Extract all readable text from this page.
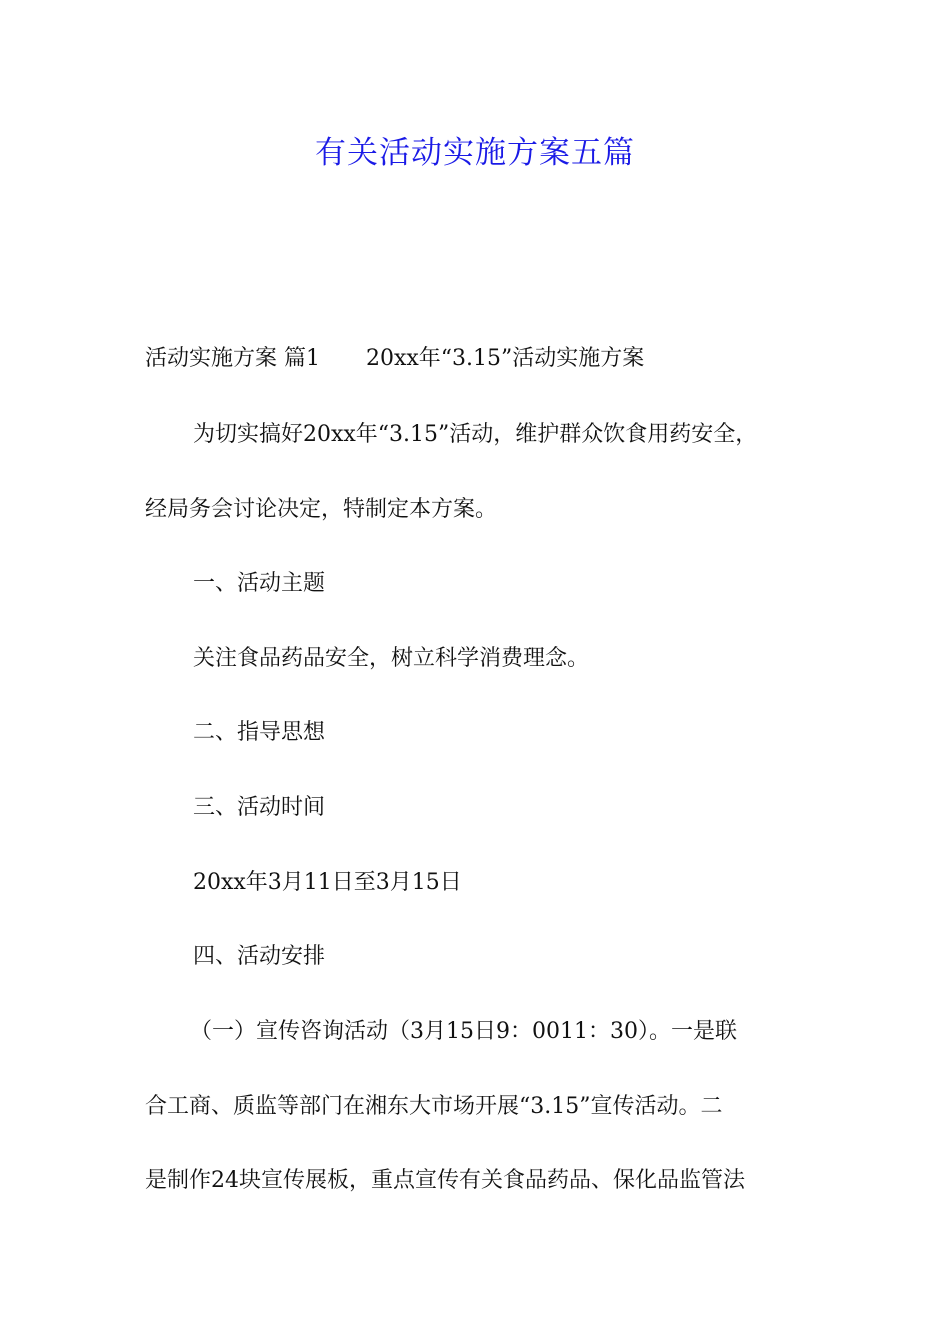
有关活动实施方案五篇

活动实施方案 篇1 20xx年“3.15”活动实施方案

为切实搞好20xx年“3.15”活动，维护群众饮食用药安全，

经局务会讨论决定，特制定本方案。

一、活动主题

关注食品药品安全，树立科学消费理念。

二、指导思想

三、活动时间

20xx年3月11日至3月15日

四、活动安排

（一）宣传咨询活动（3月15日9：0011：30）。一是联

合工商、质监等部门在湘东大市场开展“3.15”宣传活动。二

是制作24块宣传展板，重点宣传有关食品药品、保化品监管法
